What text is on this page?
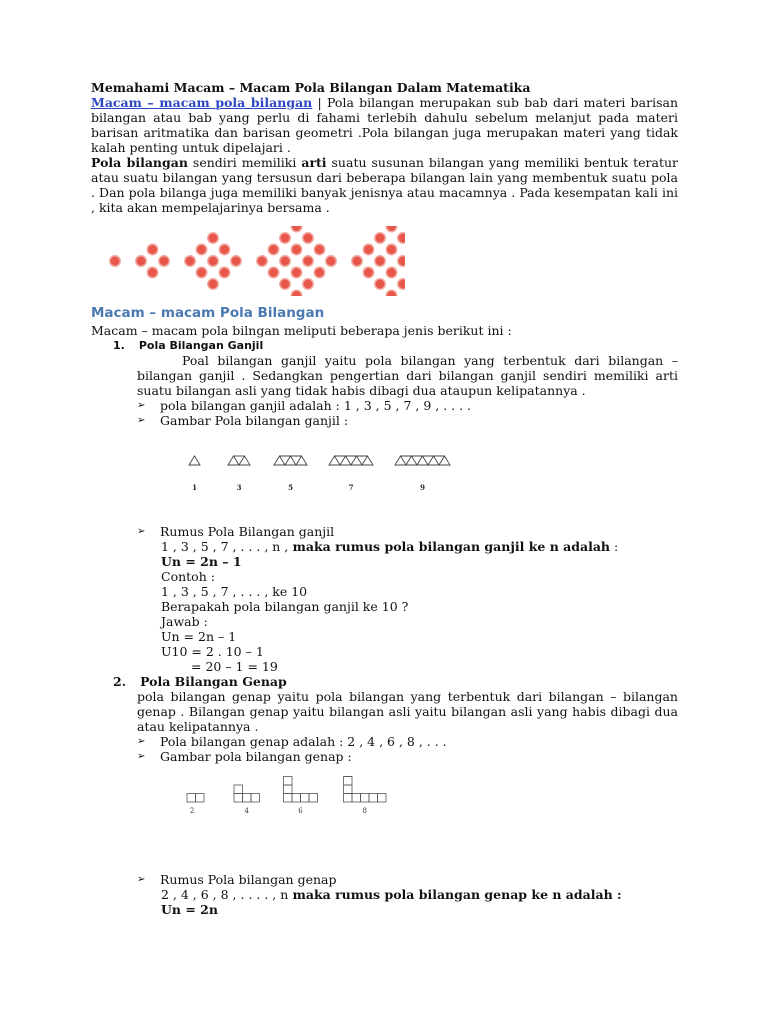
Memahami Macam – Macam Pola Bilangan Dalam Matematika
Macam – macam pola bilangan | Pola bilangan merupakan sub bab dari materi barisan bilangan atau bab yang perlu di fahami terlebih dahulu sebelum melanjut pada materi barisan aritmatika dan barisan geometri .Pola bilangan juga merupakan materi yang tidak kalah penting untuk dipelajari .
Pola bilangan sendiri memiliki arti suatu susunan bilangan yang memiliki bentuk teratur atau suatu bilangan yang tersusun dari beberapa bilangan lain yang membentuk suatu pola . Dan pola bilanga juga memiliki banyak jenisnya atau macamnya . Pada kesempatan kali ini , kita akan mempelajarinya bersama .
Macam – macam Pola Bilangan
Macam – macam pola bilngan meliputi beberapa jenis berikut ini :
1. Pola Bilangan Ganjil
Poal bilangan ganjil yaitu pola bilangan yang terbentuk dari bilangan – bilangan ganjil . Sedangkan pengertian dari bilangan ganjil sendiri memiliki arti suatu bilangan asli yang tidak habis dibagi dua ataupun kelipatannya .
➢	pola bilangan ganjil adalah : 1 , 3 , 5 , 7 , 9 , . . . .
➢	Gambar Pola bilangan ganjil :
1	3	5	7	9
➢	Rumus Pola Bilangan ganjil
1 , 3 , 5 , 7 , . . . , n , maka rumus pola bilangan ganjil ke n adalah :
Un = 2n – 1
Contoh :
1 , 3 , 5 , 7 , . . . , ke 10
Berapakah pola bilangan ganjil ke 10 ?
Jawab :
Un = 2n – 1
U10 = 2 . 10 – 1
= 20 – 1 = 19
2. Pola Bilangan Genap
pola bilangan genap yaitu pola bilangan yang terbentuk dari bilangan – bilangan genap . Bilangan genap yaitu bilangan asli yaitu bilangan asli yang habis dibagi dua atau kelipatannya .
➢	Pola bilangan genap adalah : 2 , 4 , 6 , 8 , . . .
➢	Gambar pola bilangan genap :
2	4	6	8
➢	Rumus Pola bilangan genap
2 , 4 , 6 , 8 , . . . . , n maka rumus pola bilangan genap ke n adalah :
Un = 2n
